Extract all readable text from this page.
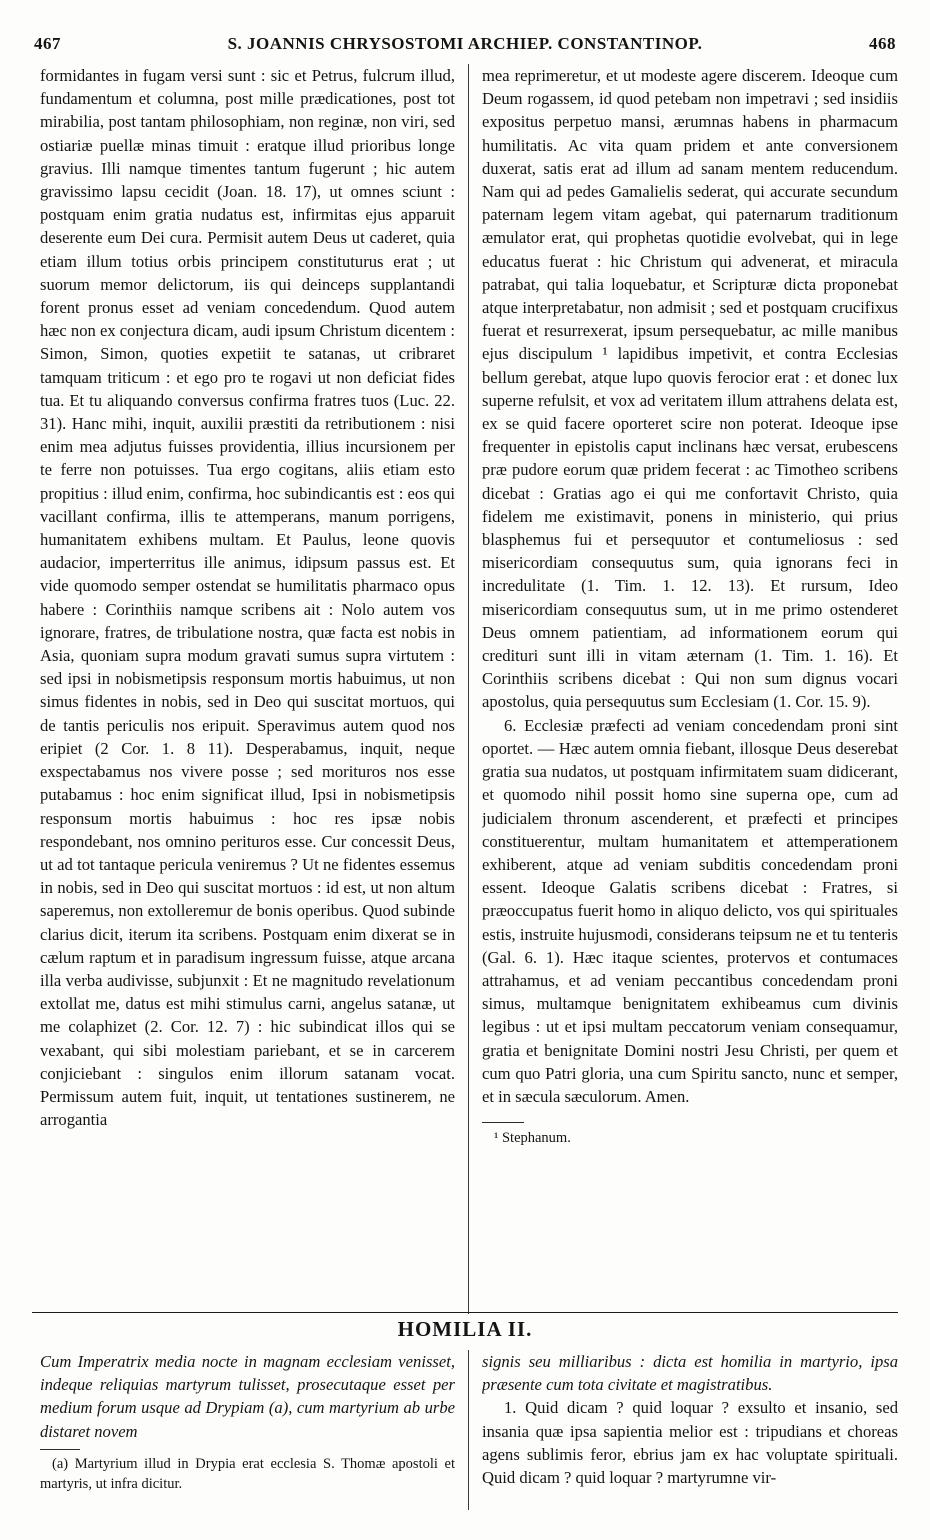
467	S. JOANNIS CHRYSOSTOMI ARCHIEP. CONSTANTINOP.	468

formidantes in fugam versi sunt : sic et Petrus, fulcrum illud, fundamentum et columna, post mille prædicationes, post tot mirabilia, post tantam philosophiam, non reginæ, non viri, sed ostiariæ puellæ minas timuit : eratque illud prioribus longe gravius. Illi namque timentes tantum fugerunt ; hic autem gravissimo lapsu cecidit (Joan. 18. 17), ut omnes sciunt : postquam enim gratia nudatus est, infirmitas ejus apparuit deserente eum Dei cura. Permisit autem Deus ut caderet, quia etiam illum totius orbis principem constituturus erat ; ut suorum memor delictorum, iis qui deinceps supplantandi forent pronus esset ad veniam concedendum. Quod autem hæc non ex conjectura dicam, audi ipsum Christum dicentem : Simon, Simon, quoties expetiit te satanas, ut cribraret tamquam triticum : et ego pro te rogavi ut non deficiat fides tua. Et tu aliquando conversus confirma fratres tuos (Luc. 22. 31). Hanc mihi, inquit, auxilii præstiti da retributionem : nisi enim mea adjutus fuisses providentia, illius incursionem per te ferre non potuisses. Tua ergo cogitans, aliis etiam esto propitius : illud enim, confirma, hoc subindicantis est : eos qui vacillant confirma, illis te attemperans, manum porrigens, humanitatem exhibens multam. Et Paulus, leone quovis audacior, imperterritus ille animus, idipsum passus est. Et vide quomodo semper ostendat se humilitatis pharmaco opus habere : Corinthiis namque scribens ait : Nolo autem vos ignorare, fratres, de tribulatione nostra, quæ facta est nobis in Asia, quoniam supra modum gravati sumus supra virtutem : sed ipsi in nobismetipsis responsum mortis habuimus, ut non simus fidentes in nobis, sed in Deo qui suscitat mortuos, qui de tantis periculis nos eripuit. Speravimus autem quod nos eripiet (2 Cor. 1. 8 11). Desperabamus, inquit, neque exspectabamus nos vivere posse ; sed morituros nos esse putabamus : hoc enim significat illud, Ipsi in nobismetipsis responsum mortis habuimus : hoc res ipsæ nobis respondebant, nos omnino perituros esse. Cur concessit Deus, ut ad tot tantaque pericula veniremus ? Ut ne fidentes essemus in nobis, sed in Deo qui suscitat mortuos : id est, ut non altum saperemus, non extolleremur de bonis operibus. Quod subinde clarius dicit, iterum ita scribens. Postquam enim dixerat se in cælum raptum et in paradisum ingressum fuisse, atque arcana illa verba audivisse, subjunxit : Et ne magnitudo revelationum extollat me, datus est mihi stimulus carni, angelus satanæ, ut me colaphizet (2. Cor. 12. 7) : hic subindicat illos qui se vexabant, qui sibi molestiam pariebant, et se in carcerem conjiciebant : singulos enim illorum satanam vocat. Permissum autem fuit, inquit, ut tentationes sustinerem, ne arrogantia

mea reprimeretur, et ut modeste agere discerem. Ideoque cum Deum rogassem, id quod petebam non impetravi ; sed insidiis expositus perpetuo mansi, ærumnas habens in pharmacum humilitatis. Ac vita quam pridem et ante conversionem duxerat, satis erat ad illum ad sanam mentem reducendum. Nam qui ad pedes Gamalielis sederat, qui accurate secundum paternam legem vitam agebat, qui paternarum traditionum æmulator erat, qui prophetas quotidie evolvebat, qui in lege educatus fuerat : hic Christum qui advenerat, et miracula patrabat, qui talia loquebatur, et Scripturæ dicta proponebat atque interpretabatur, non admisit ; sed et postquam crucifixus fuerat et resurrexerat, ipsum persequebatur, ac mille manibus ejus discipulum ¹ lapidibus impetivit, et contra Ecclesias bellum gerebat, atque lupo quovis ferocior erat : et donec lux superne refulsit, et vox ad veritatem illum attrahens delata est, ex se quid facere oporteret scire non poterat. Ideoque ipse frequenter in epistolis caput inclinans hæc versat, erubescens præ pudore eorum quæ pridem fecerat : ac Timotheo scribens dicebat : Gratias ago ei qui me confortavit Christo, quia fidelem me existimavit, ponens in ministerio, qui prius blasphemus fui et persequutor et contumeliosus : sed misericordiam consequutus sum, quia ignorans feci in incredulitate (1. Tim. 1. 12. 13). Et rursum, Ideo misericordiam consequutus sum, ut in me primo ostenderet Deus omnem patientiam, ad informationem eorum qui credituri sunt illi in vitam æternam (1. Tim. 1. 16). Et Corinthiis scribens dicebat : Qui non sum dignus vocari apostolus, quia persequutus sum Ecclesiam (1. Cor. 15. 9).

6. Ecclesiæ præfecti ad veniam concedendam proni sint oportet. — Hæc autem omnia fiebant, illosque Deus deserebat gratia sua nudatos, ut postquam infirmitatem suam didicerant, et quomodo nihil possit homo sine superna ope, cum ad judicialem thronum ascenderent, et præfecti et principes constituerentur, multam humanitatem et attemperationem exhiberent, atque ad veniam subditis concedendam proni essent. Ideoque Galatis scribens dicebat : Fratres, si præoccupatus fuerit homo in aliquo delicto, vos qui spirituales estis, instruite hujusmodi, considerans teipsum ne et tu tenteris (Gal. 6. 1). Hæc itaque scientes, protervos et contumaces attrahamus, et ad veniam peccantibus concedendam proni simus, multamque benignitatem exhibeamus cum divinis legibus : ut et ipsi multam peccatorum veniam consequamur, gratia et benignitate Domini nostri Jesu Christi, per quem et cum quo Patri gloria, una cum Spiritu sancto, nunc et semper, et in sæcula sæculorum. Amen.

¹ Stephanum.
HOMILIA II.

Cum Imperatrix media nocte in magnam ecclesiam venisset, indeque reliquias martyrum tulisset, prosecutaque esset per medium forum usque ad Drypiam (a), cum martyrium ab urbe distaret novem

(a) Martyrium illud in Drypia erat ecclesia S. Thomæ apostoli et martyris, ut infra dicitur.

signis seu milliaribus : dicta est homilia in martyrio, ipsa præsente cum tota civitate et magistratibus.

1. Quid dicam ? quid loquar ? exsulto et insanio, sed insania quæ ipsa sapientia melior est : tripudians et choreas agens sublimis feror, ebrius jam ex hac voluptate spirituali. Quid dicam ? quid loquar ? martyrumne vir-
